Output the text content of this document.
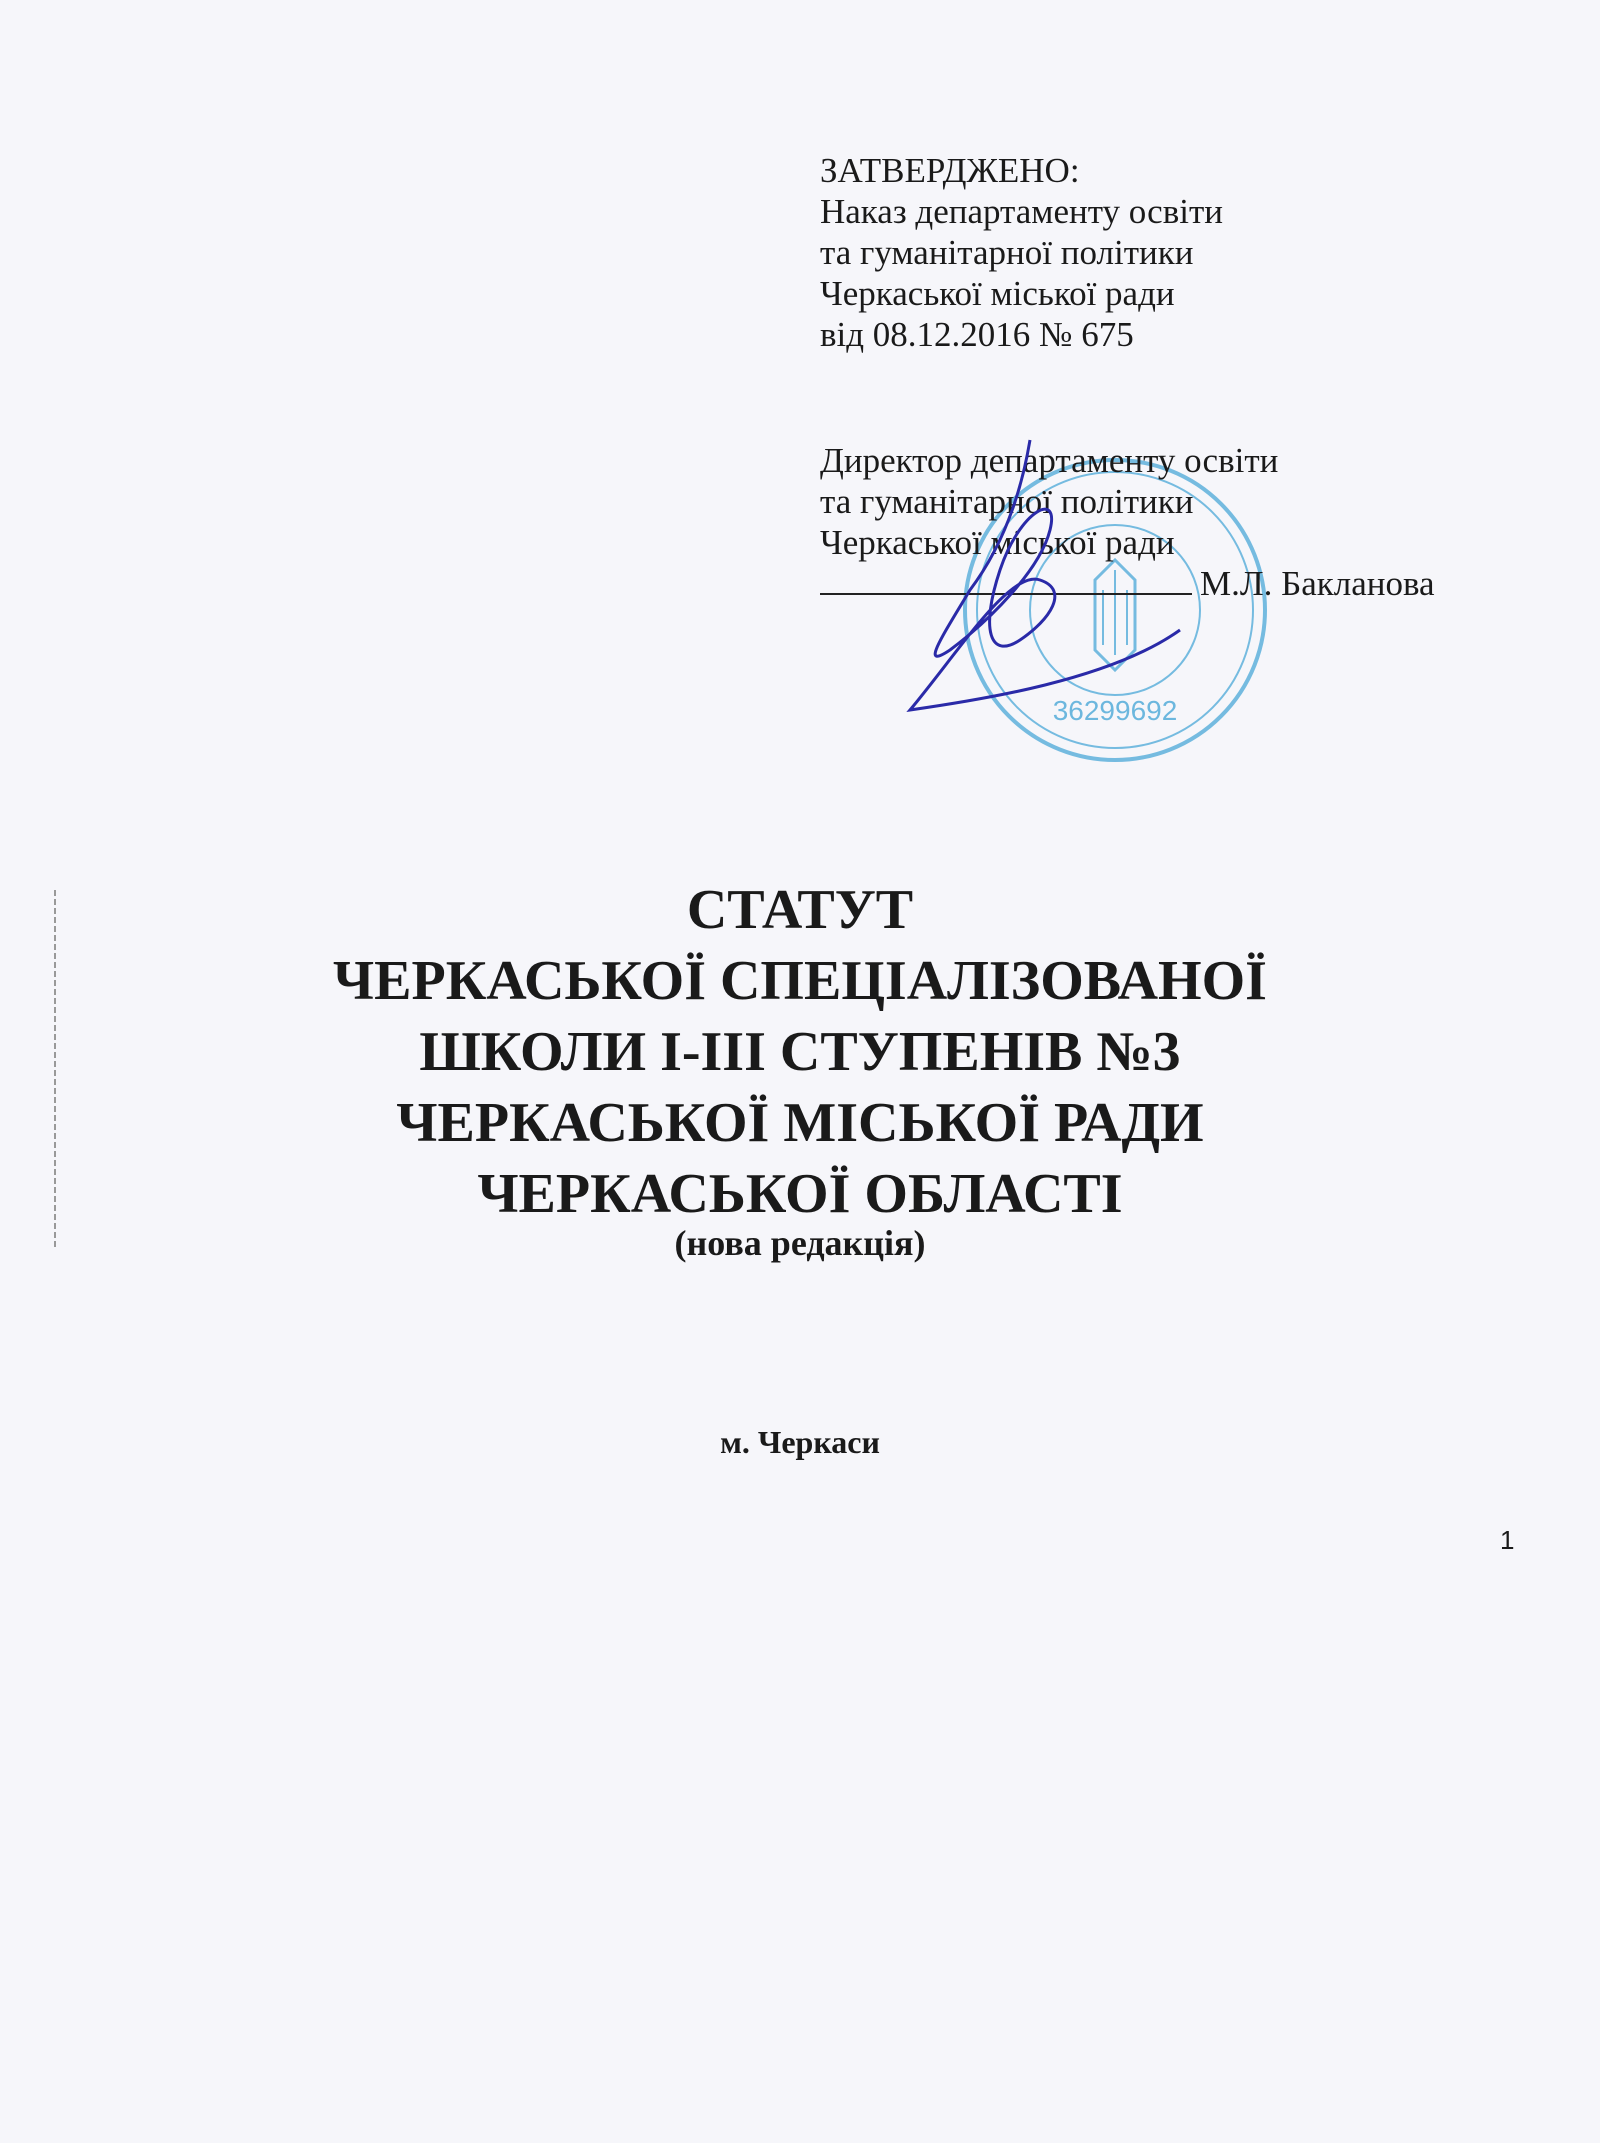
ЗАТВЕРДЖЕНО:
Наказ департаменту освіти
та гуманітарної політики
Черкаської міської ради
від 08.12.2016 № 675
36299692
Директор департаменту освіти
та гуманітарної політики
Черкаської міської ради
М.Л. Бакланова
СТАТУТ
ЧЕРКАСЬКОЇ СПЕЦІАЛІЗОВАНОЇ
ШКОЛИ І-ІІІ СТУПЕНІВ №3
ЧЕРКАСЬКОЇ МІСЬКОЇ РАДИ
ЧЕРКАСЬКОЇ ОБЛАСТІ
(нова редакція)
м. Черкаси
1
